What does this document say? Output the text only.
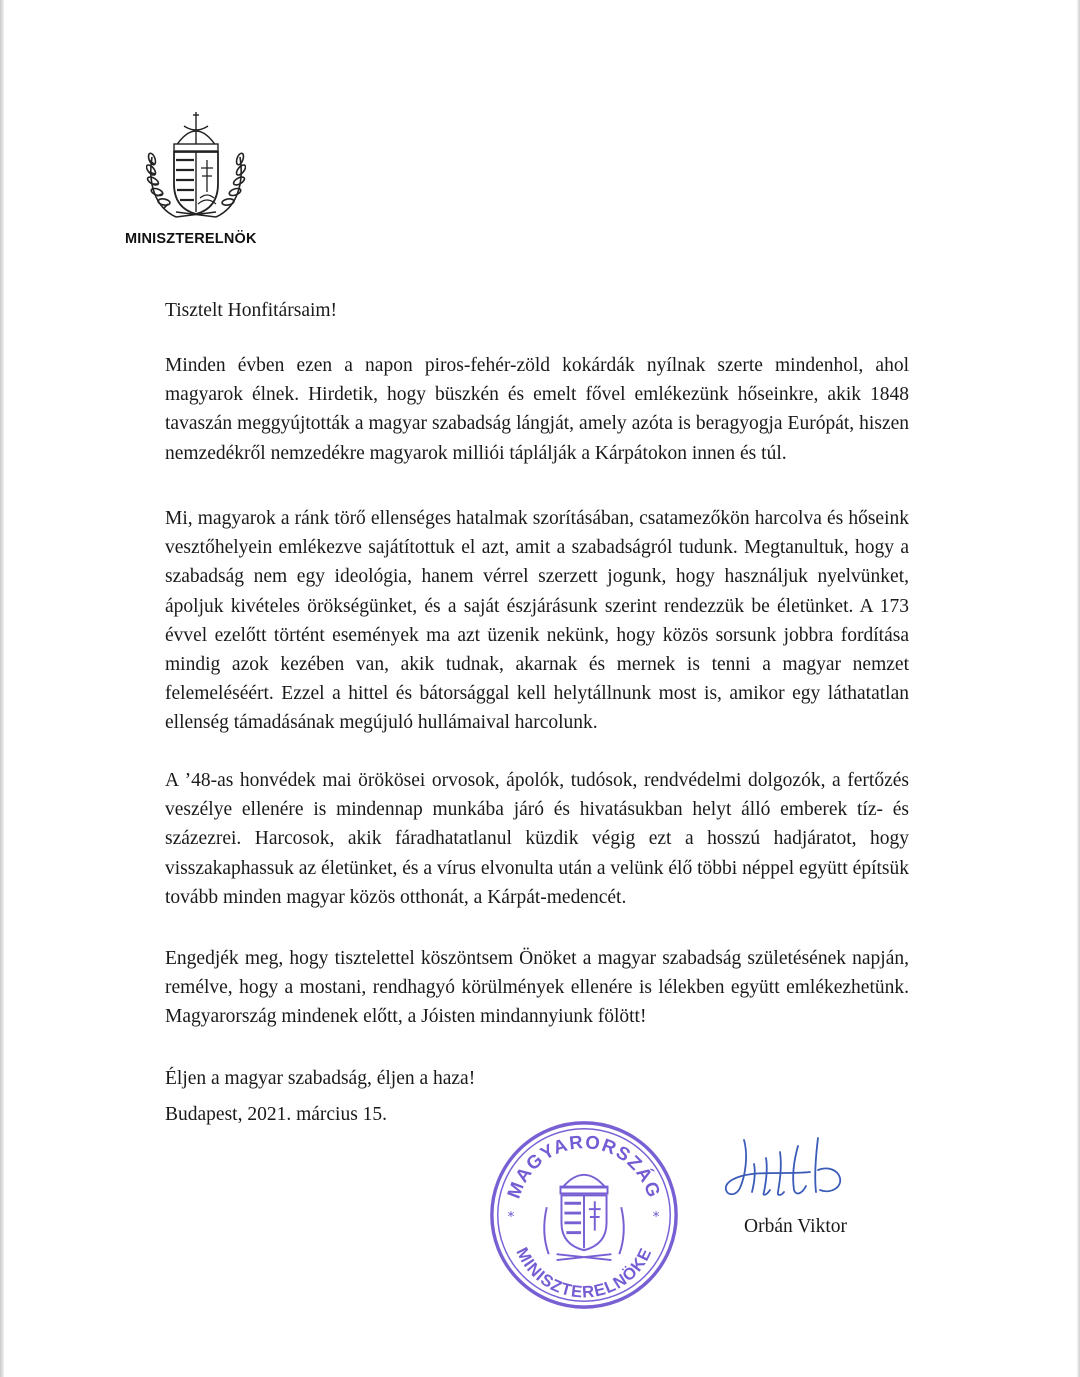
MINISZTERELNÖK

Tisztelt Honfitársaim!

Minden évben ezen a napon piros-fehér-zöld kokárdák nyílnak szerte mindenhol, ahol magyarok élnek. Hirdetik, hogy büszkén és emelt fővel emlékezünk hőseinkre, akik 1848 tavaszán meggyújtották a magyar szabadság lángját, amely azóta is beragyogja Európát, hiszen nemzedékről nemzedékre magyarok milliói táplálják a Kárpátokon innen és túl.

Mi, magyarok a ránk törő ellenséges hatalmak szorításában, csatamezőkön harcolva és hőseink vesztőhelyein emlékezve sajátítottuk el azt, amit a szabadságról tudunk. Megtanultuk, hogy a szabadság nem egy ideológia, hanem vérrel szerzett jogunk, hogy használjuk nyelvünket, ápoljuk kivételes örökségünket, és a saját észjárásunk szerint rendezzük be életünket. A 173 évvel ezelőtt történt események ma azt üzenik nekünk, hogy közös sorsunk jobbra fordítása mindig azok kezében van, akik tudnak, akarnak és mernek is tenni a magyar nemzet felemeléséért. Ezzel a hittel és bátorsággal kell helytállnunk most is, amikor egy láthatatlan ellenség támadásának megújuló hullámaival harcolunk.

A ’48-as honvédek mai örökösei orvosok, ápolók, tudósok, rendvédelmi dolgozók, a fertőzés veszélye ellenére is mindennap munkába járó és hivatásukban helyt álló emberek tíz- és százezrei. Harcosok, akik fáradhatatlanul küzdik végig ezt a hosszú hadjáratot, hogy visszakaphassuk az életünket, és a vírus elvonulta után a velünk élő többi néppel együtt építsük tovább minden magyar közös otthonát, a Kárpát-medencét.

Engedjék meg, hogy tisztelettel köszöntsem Önöket a magyar szabadság születésének napján, remélve, hogy a mostani, rendhagyó körülmények ellenére is lélekben együtt emlékezhetünk. Magyarország mindenek előtt, a Jóisten mindannyiunk fölött!

Éljen a magyar szabadság, éljen a haza!

Budapest, 2021. március 15.

MAGYARORSZÁG
MINISZTERELNÖKE
*	*	Orbán Viktor
